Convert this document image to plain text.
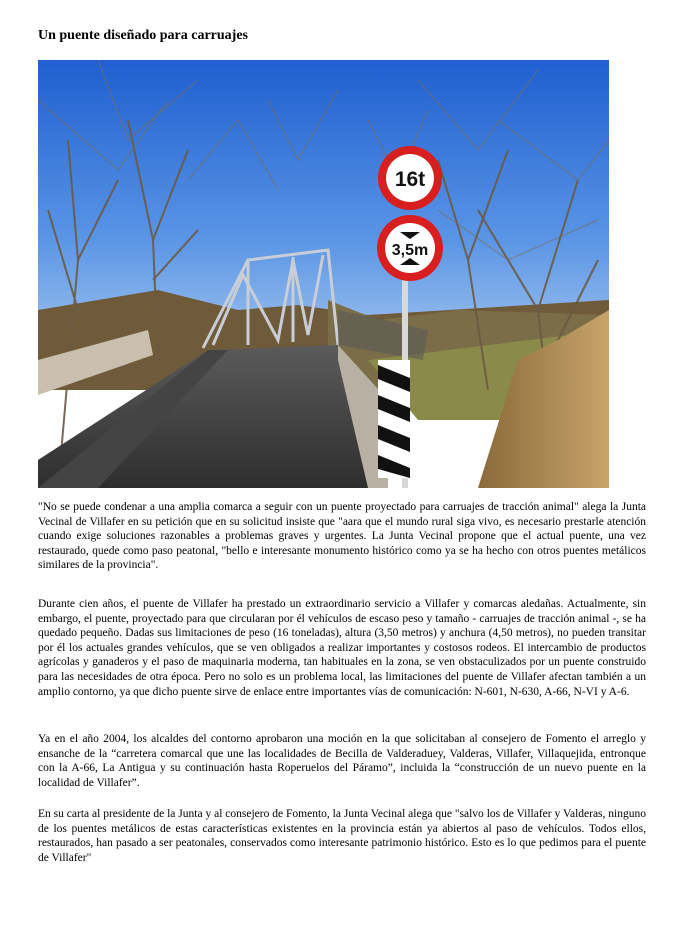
Un puente diseñado para carruajes
16t
3,5m

"No se puede condenar a una amplia comarca a seguir con un puente proyectado para carruajes de tracción animal" alega la Junta Vecinal de Villafer en su petición que en su solicitud insiste que "aara que el mundo rural siga vivo, es necesario prestarle atención cuando exige soluciones razonables a problemas graves y urgentes. La Junta Vecinal propone que el actual puente, una vez restaurado, quede como paso peatonal, "bello e interesante monumento histórico como ya se ha hecho con otros puentes metálicos similares de la provincia".

Durante cien años, el puente de Villafer ha prestado un extraordinario servicio a Villafer y comarcas aledañas. Actualmente, sin embargo, el puente, proyectado para que circularan por él vehículos de escaso peso y tamaño - carruajes de tracción animal -, se ha quedado pequeño. Dadas sus limitaciones de peso (16 toneladas), altura (3,50 metros) y anchura (4,50 metros), no pueden transitar por él los actuales grandes vehículos, que se ven obligados a realizar importantes y costosos rodeos. El intercambio de productos agrícolas y ganaderos y el paso de maquinaria moderna, tan habituales en la zona, se ven obstaculizados por un puente construido para las necesidades de otra época. Pero no solo es un problema local, las limitaciones del puente de Villafer afectan también a un amplio contorno, ya que dicho puente sirve de enlace entre importantes vías de comunicación: N-601, N-630, A-66, N-VI y A-6.

Ya en el año 2004, los alcaldes del contorno aprobaron una moción en la que solicitaban al consejero de Fomento el arreglo y ensanche de la “carretera comarcal que une las localidades de Becilla de Valderaduey, Valderas, Villafer, Villaquejida, entronque con la A-66, La Antigua y su continuación hasta Roperuelos del Páramo”, incluida la “construcción de un nuevo puente en la localidad de Villafer”.

En su carta al presidente de la Junta y al consejero de Fomento, la Junta Vecinal alega que "salvo los de Villafer y Valderas, ninguno de los puentes metálicos de estas características existentes en la provincia están ya abiertos al paso de vehículos. Todos ellos, restaurados, han pasado a ser peatonales, conservados como interesante patrimonio histórico. Esto es lo que pedimos para el puente de Villafer"
